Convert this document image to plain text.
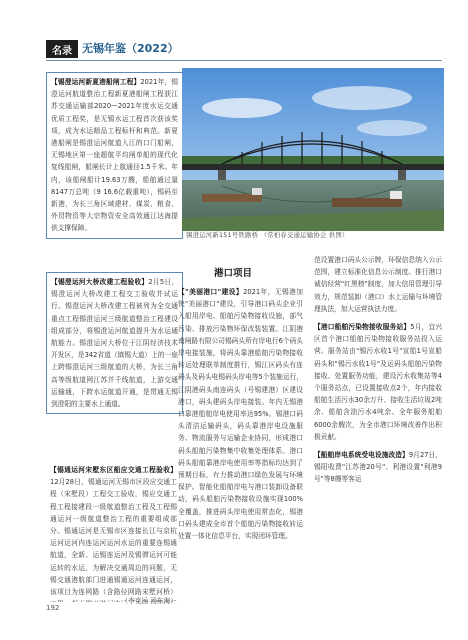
名录 无锡年鉴（2022）
【锡澄运河新夏港船闸工程】2021年，锡澄运河航道整治工程新夏港船闸工程获江苏交通运输部2020—2021年度水运交通优质工程奖，是无锡水运工程首次获该奖项，成为水运精品工程标杆和典范。新夏港船闸是锡澄运河航道入江的口门船闸，无锡地区第一座超航平均闸单船的现代化复线船闸，船闸长计上航通径1.5千米。年内，该船闸船计19.63万艘，船舶通过量8147万总吨（9 16.6亿载重吨），锡码至新港，为长三角区域建材、煤炭、粮食、外贸物资等大宗物资安全高效通江达海提供支撑保障。
【锡澄运河大桥改建工程验收】2月5日，锡澄运河大桥改建工程交工验收并试运行。锡澄运河大桥改建工程被列为全交通重点工程锡澄运河三级航道整治工程建设组成部分，将锡澄运河航道提升为水运通航能力。锡澄运河大桥位于江阴经济技术开发区，是342省道（镇锡大道）上的一座上跨锡澄运河三级航道的大桥，为长三角高等级航道网江苏并千线航道，上游交通运输通，下跨水运航道开通，是贯通无锡到澄阳的主要水上通道。
【锡通运河宋墅东区船应交通工程验收】12月28日，锡通运河无锡市区段应交通工程（宋墅段）工程交工验收，锡应交通工程工程接建段一级航道整治工程及工程锡通运河一级航道整治工程的重要组成部分。锡通运河是无锡市区连接长江与京杭运河运河内连运河运河水运的重要连锡通航道，全新、运锡连运河及锡滞运河可能运转的水运，为解决交通周边的问题，无锡交通港航部门进通锡通运河连通运河，该项目为连网路（含路径网路宋墅河桥）
锡澄运河新151号铁路桥 （常柏春交通运输协会 供图）
港口项目
【"美丽港口"建设】2021年，无锡港加快"美丽港口"建设，引导港口码头企业引入船用岸电、船舶污染物接收设施，部气污染、排放污染物环保改装装置。江阴港南闸路有限公司锡码头所有岸电行6个码头岸电接装施，将码头靠港船舶污染物接收转运处理联单制度推行，锡江区码头有连码头及码头电锡码头岸电等5个装施运行，江阴港码头南连码头（号锡建港）区建设港口，码头建码头岸电接装。年内无锡港口靠港船舶岸电使用率达95%。锡港口码头清洁运输码头，码头靠港岸电设施服务、物流服务与运输企业协同，形成港口码头船舶污染物集中收集处理体系。港口码头船舶靠港岸电使用率等指标均达到了预期目标，有力推动港口绿色发展与环境保护。智能化船舶岸电与港口装卸设备联动，码头船舶污染物接收设施实现100%全覆盖，推进码头岸电使用常态化，锡港口码头建成全市首个船舶污染物接收转运处置一体化信息平台，实现闭环管理。

范设置港口码头公示牌，环保信息纳入公示范围，建立标准化信息公示制度。推行港口诚信经营"红黑榜"制度，加大信用管理引导效力，规范装卸（港口）水上运输与环境管理执法，加大运营执法力度。

【港口船舶污染物接收服务站】5月，宜兴区首个港口船舶污染物接收服务站投入运营。服务站由"锡污水收1号"宣船1号宣船码头和"锡污水收1号"及运码头船舶污染物接收、处置服务功能，建设污水收集站等4个服务站点，已设置接收点2个，年内接收船舶生活污水30余万升、接收生活垃圾2吨余、船舶含油污水4吨余、全年服务船舶6000余艘次，为全市港口环境改善作出积极贡献。

【船舶岸电系统受电设施改造】9月27日，锡阳收费"江苏港20号"、利港设置"利港9号"等8艘等客运

（李克远 汤东海）
192
